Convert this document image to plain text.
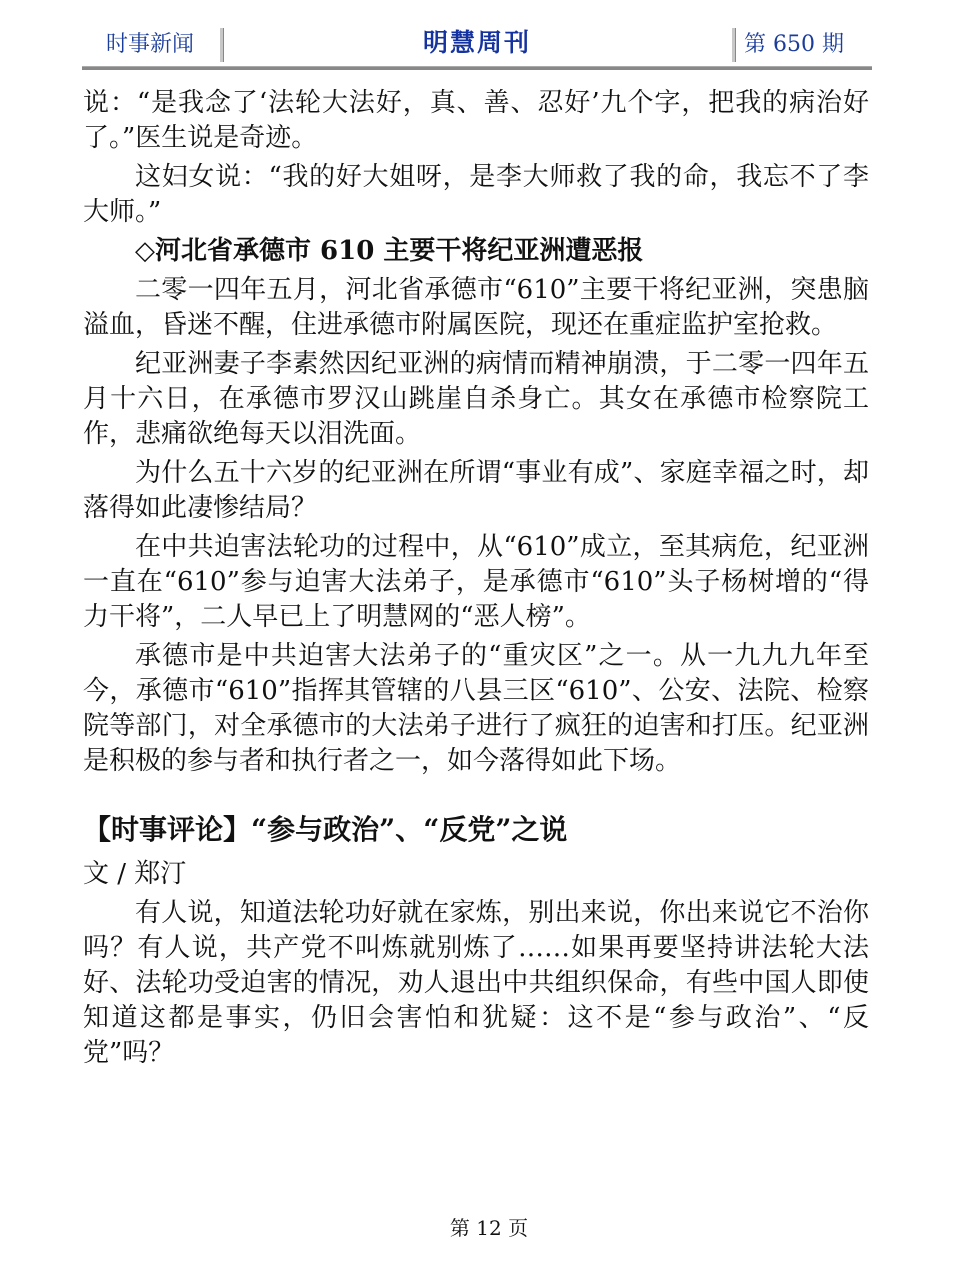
时事新闻	明慧周刊	第 650 期

说：“是我念了‘法轮大法好，真、善、忍好’九个字，把我的病治好了。”医生说是奇迹。

这妇女说：“我的好大姐呀，是李大师救了我的命，我忘不了李大师。”

◇河北省承德市 610 主要干将纪亚洲遭恶报

二零一四年五月，河北省承德市“610”主要干将纪亚洲，突患脑溢血，昏迷不醒，住进承德市附属医院，现还在重症监护室抢救。

纪亚洲妻子李素然因纪亚洲的病情而精神崩溃，于二零一四年五月十六日，在承德市罗汉山跳崖自杀身亡。其女在承德市检察院工作，悲痛欲绝每天以泪洗面。

为什么五十六岁的纪亚洲在所谓“事业有成”、家庭幸福之时，却落得如此凄惨结局？

在中共迫害法轮功的过程中，从“610”成立，至其病危，纪亚洲一直在“610”参与迫害大法弟子，是承德市“610”头子杨树增的“得力干将”，二人早已上了明慧网的“恶人榜”。

承德市是中共迫害大法弟子的“重灾区”之一。从一九九九年至今，承德市“610”指挥其管辖的八县三区“610”、公安、法院、检察院等部门，对全承德市的大法弟子进行了疯狂的迫害和打压。纪亚洲是积极的参与者和执行者之一，如今落得如此下场。

【时事评论】“参与政治”、“反党”之说

文 / 郑汀

有人说，知道法轮功好就在家炼，别出来说，你出来说它不治你吗？有人说，共产党不叫炼就别炼了……如果再要坚持讲法轮大法好、法轮功受迫害的情况，劝人退出中共组织保命，有些中国人即使知道这都是事实，仍旧会害怕和犹疑：这不是“参与政治”、“反党”吗？

第 12 页
